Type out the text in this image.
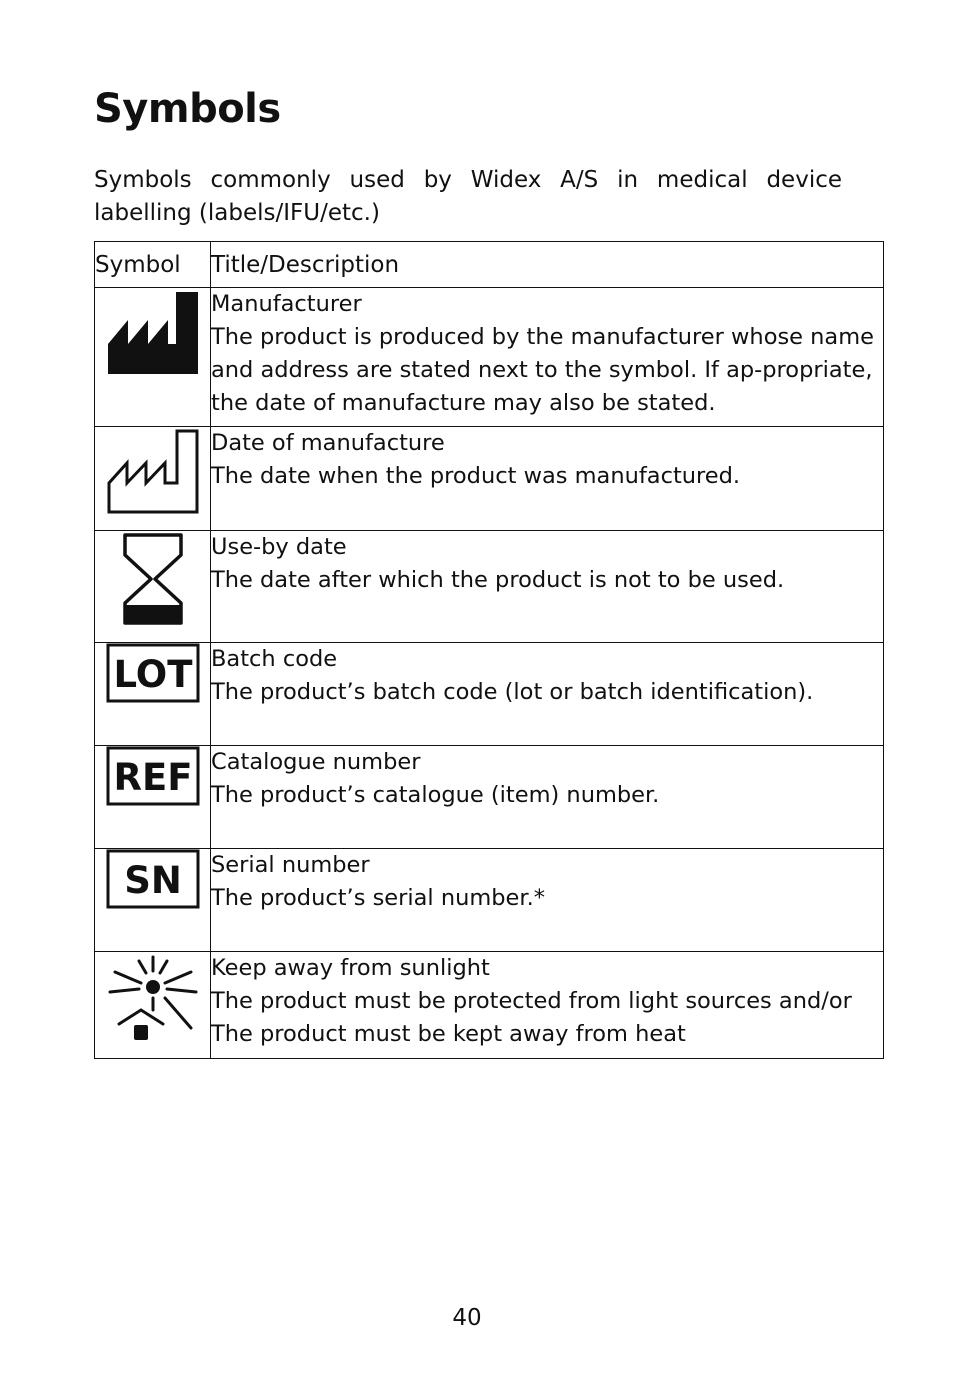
Symbols

Symbols commonly used by Widex A/S in medical device labelling (labels/IFU/etc.)

Symbol	Title/Description

Manufacturer
The product is produced by the manufacturer whose name and address are stated next to the symbol. If ap-propriate, the date of manufacture may also be stated.

Date of manufacture
The date when the product was manufactured.

Use-by date
The date after which the product is not to be used.

LOT	Batch code
The product’s batch code (lot or batch identification).

REF	Catalogue number
The product’s catalogue (item) number.

SN	Serial number
The product’s serial number.*

Keep away from sunlight
The product must be protected from light sources and/or The product must be kept away from heat
40
